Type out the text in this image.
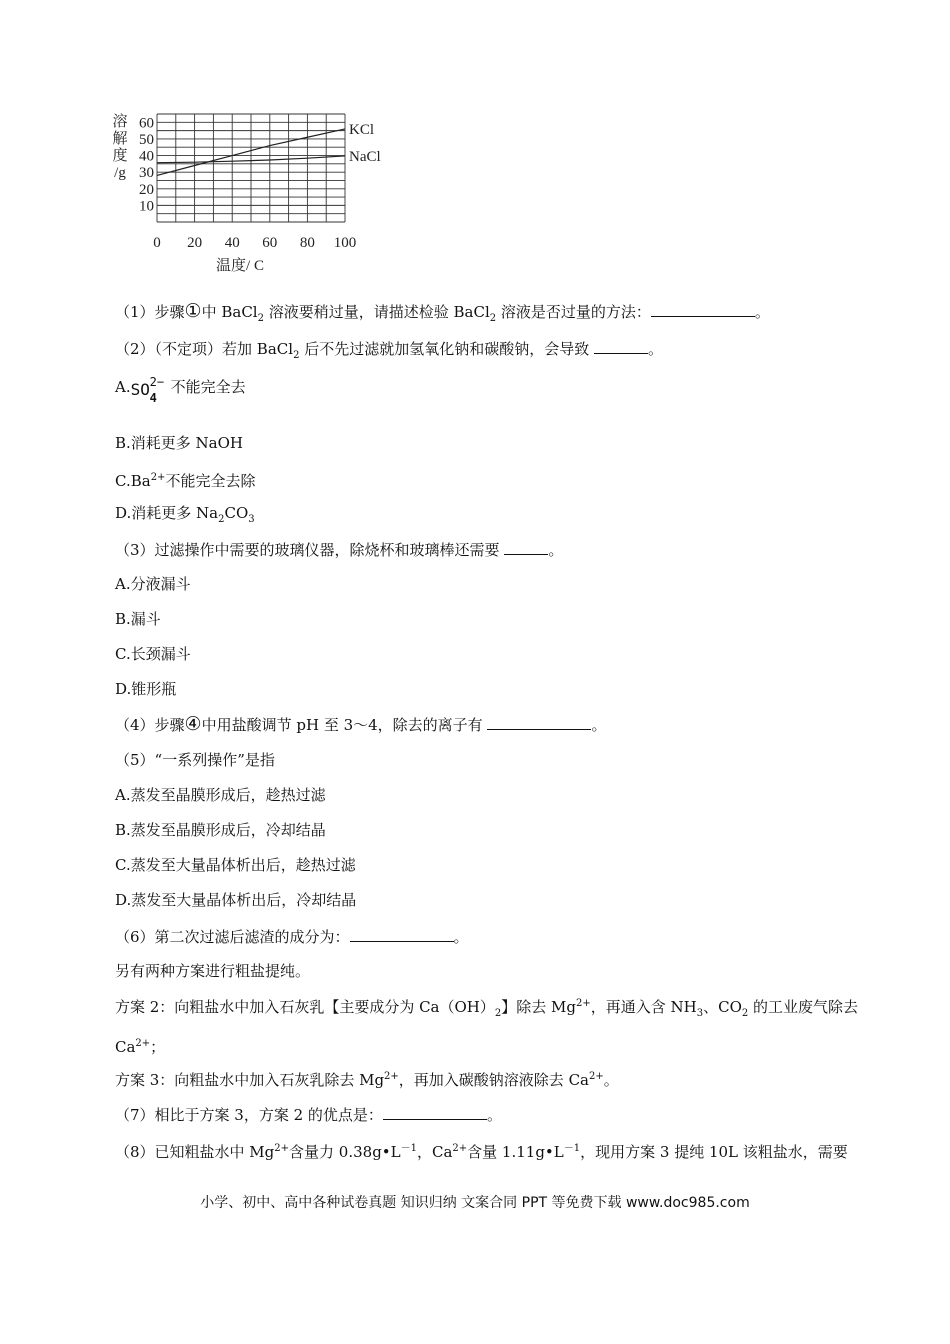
溶
解
度
/g
10
20
30
40
50
60
0 20 40 60 80 100
KCl
NaCl
温度/ C
（1）步骤①中 BaCl$_2$ 溶液要稍过量，请描述检验 BaCl$_2$ 溶液是否过量的方法：	。
（2）（不定项）若加 BaCl$_2$ 后不先过滤就加氢氧化钠和碳酸钠，会导致	。
A. SO 2−
4
不能完全去
B.消耗更多 NaOH
$C.Ba^{2+}$不能完全去除
D.消耗更多 $Na_2CO_3$
（3）过滤操作中需要的玻璃仪器，除烧杯和玻璃棒还需要	。
A.分液漏斗
B.漏斗
C.长颈漏斗
D.锥形瓶
（4）步骤④中用盐酸调节 pH 至 3～4，除去的离子有	。
（5）“一系列操作”是指
A.蒸发至晶膜形成后，趁热过滤
B.蒸发至晶膜形成后，冷却结晶
C.蒸发至大量晶体析出后，趁热过滤
D.蒸发至大量晶体析出后，冷却结晶
（6）第二次过滤后滤渣的成分为：	。
另有两种方案进行粗盐提纯。
方案 2：向粗盐水中加入石灰乳【主要成分为 $Ca(OH)_2$】除去 $Mg^{2+}$，再通入含 $NH_3$、$CO_2$ 的工业废气除去 $Ca^{2+}$；
方案 3：向粗盐水中加入石灰乳除去 $Mg^{2+}$，再加入碳酸钠溶液除去 $Ca^{2+}$。
（7）相比于方案 3，方案 2 的优点是：	。
（8）已知粗盐水中 $Mg^{2+}$含量力 $0.38g•L^{-1}$，$Ca^{2+}$含量 $1.11g•L^{-1}$，现用方案 3 提纯 10L 该粗盐水，需要
小学、初中、高中各种试卷真题 知识归纳 文案合同 PPT 等免费下载 www.doc985.com
